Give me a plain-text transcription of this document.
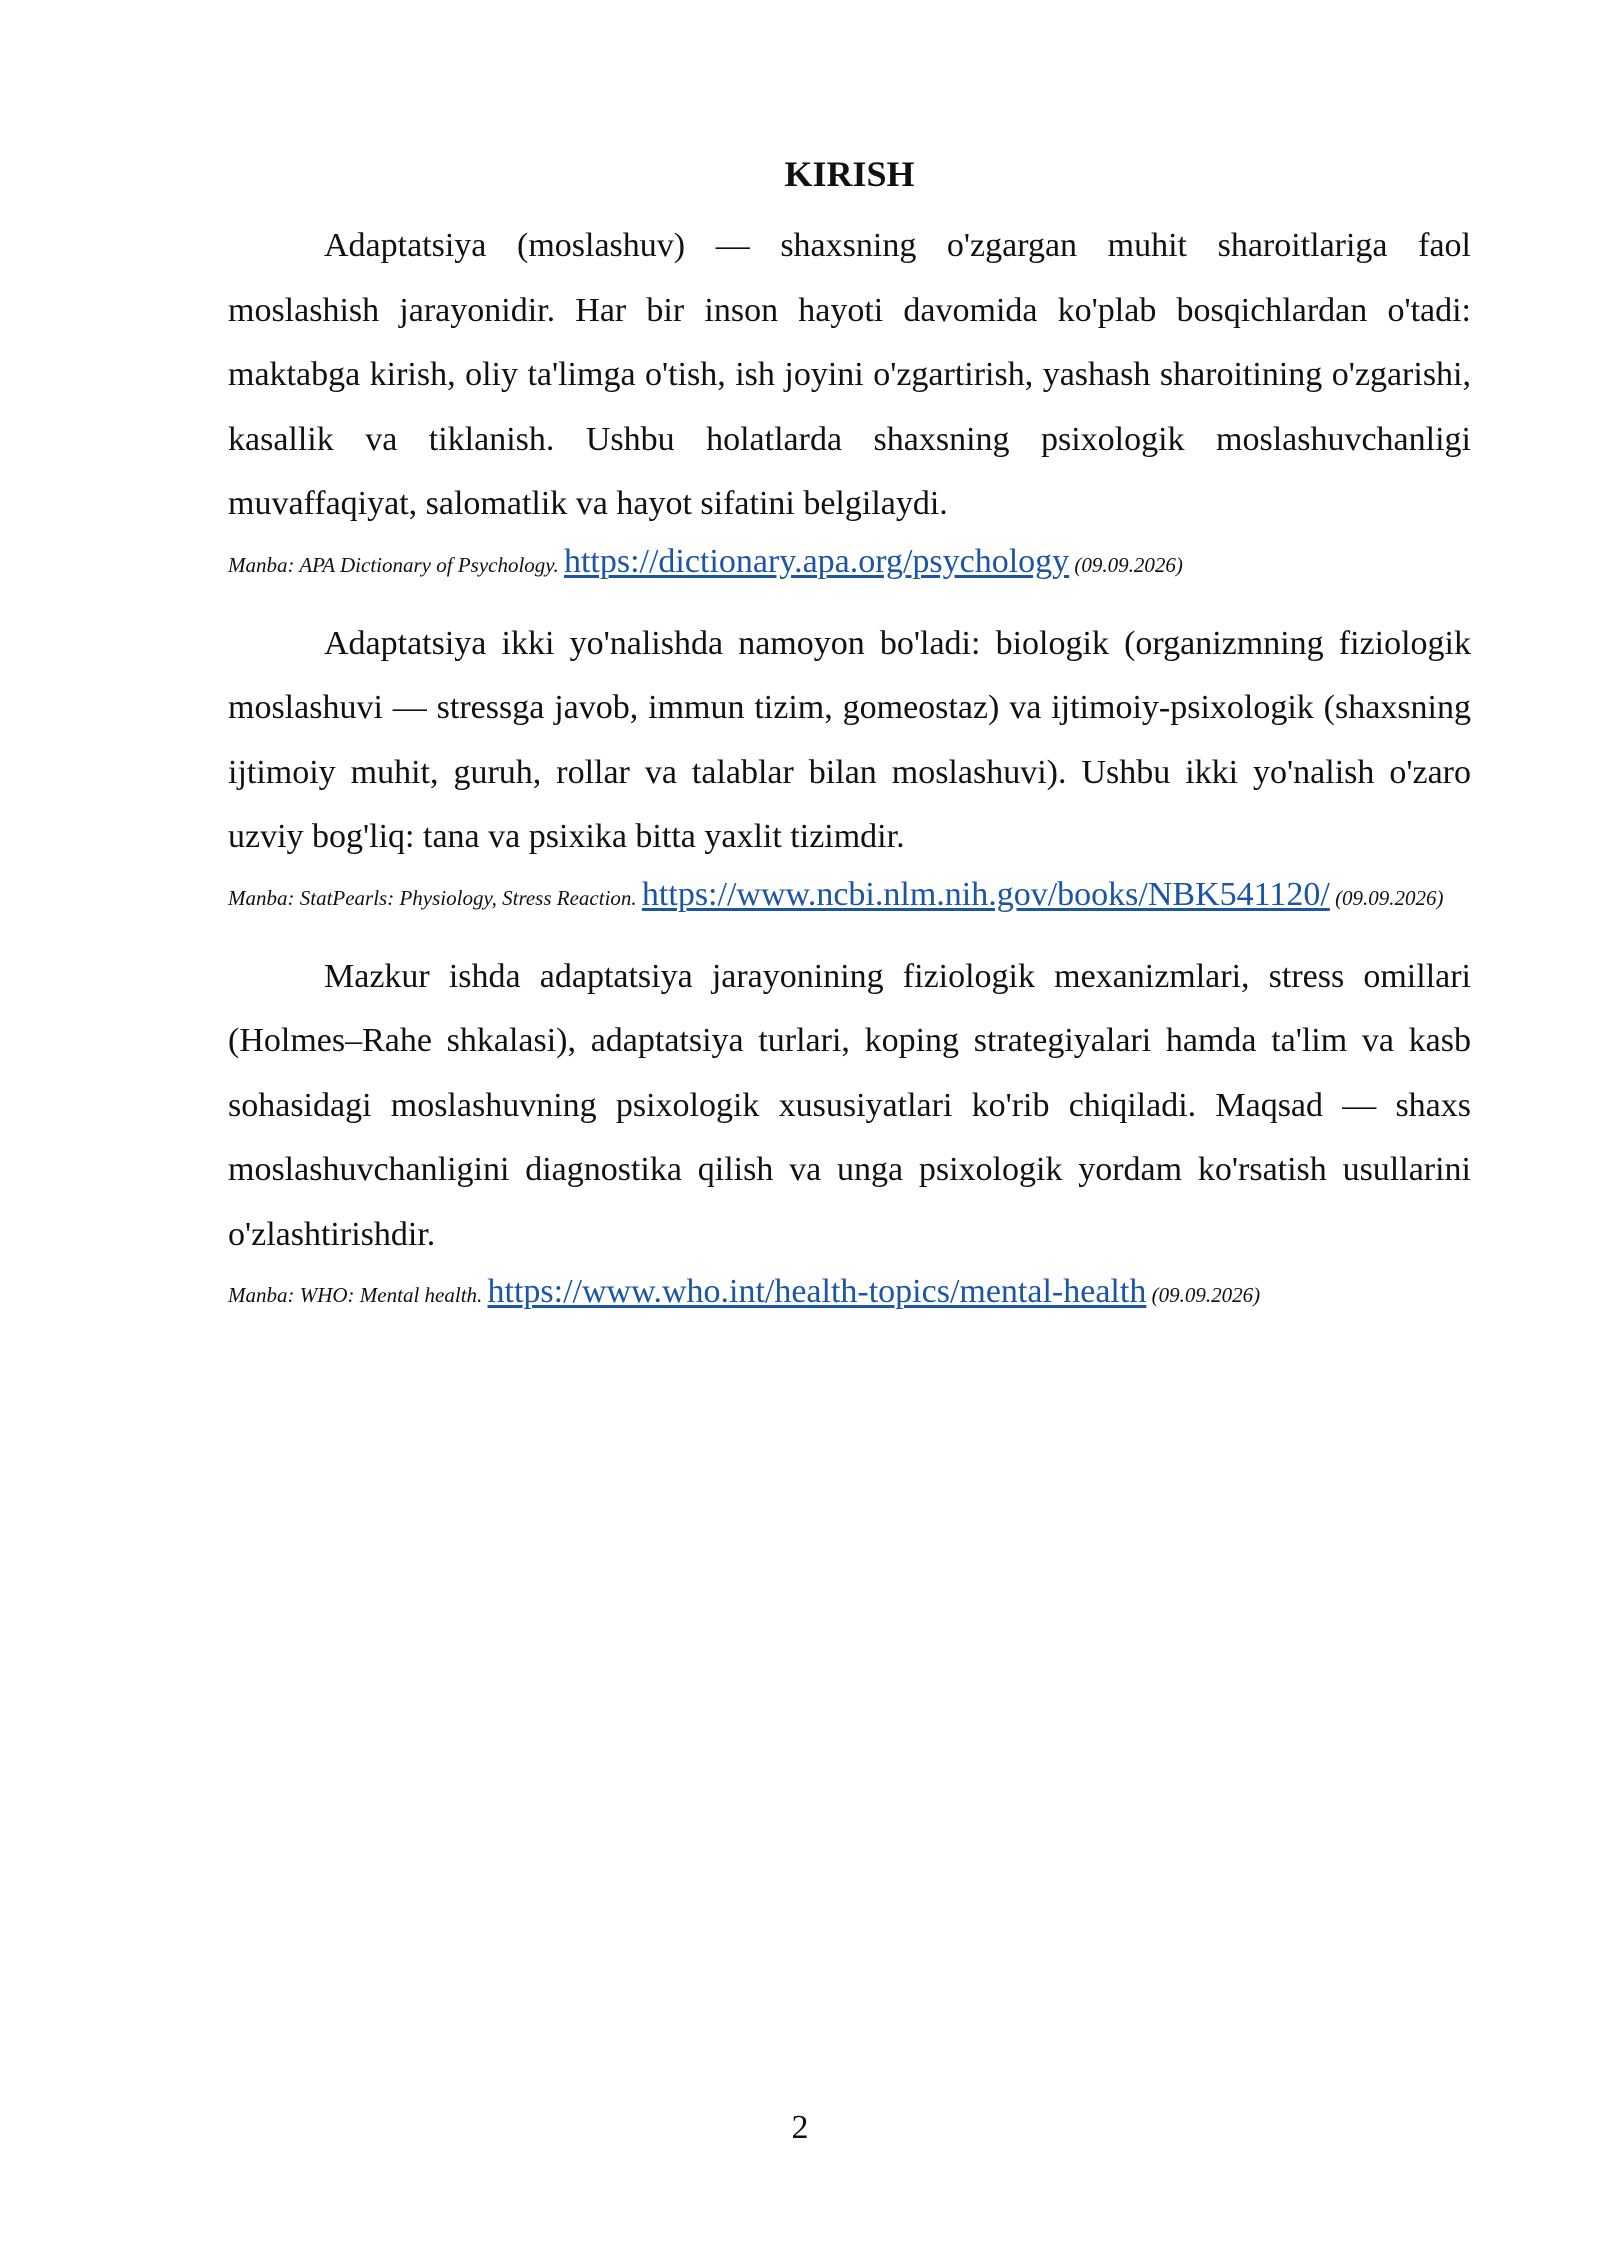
KIRISH

Adaptatsiya (moslashuv) — shaxsning o'zgargan muhit sharoitlariga faol moslashish jarayonidir. Har bir inson hayoti davomida ko'plab bosqichlardan o'tadi: maktabga kirish, oliy ta'limga o'tish, ish joyini o'zgartirish, yashash sharoitining o'zgarishi, kasallik va tiklanish. Ushbu holatlarda shaxsning psixologik moslashuvchanligi muvaffaqiyat, salomatlik va hayot sifatini belgilaydi.

Manba: APA Dictionary of Psychology. https://dictionary.apa.org/psychology (09.09.2026)

Adaptatsiya ikki yo'nalishda namoyon bo'ladi: biologik (organizmning fiziologik moslashuvi — stressga javob, immun tizim, gomeostaz) va ijtimoiy-psixologik (shaxsning ijtimoiy muhit, guruh, rollar va talablar bilan moslashuvi). Ushbu ikki yo'nalish o'zaro uzviy bog'liq: tana va psixika bitta yaxlit tizimdir.

Manba: StatPearls: Physiology, Stress Reaction. https://www.ncbi.nlm.nih.gov/books/NBK541120/ (09.09.2026)

Mazkur ishda adaptatsiya jarayonining fiziologik mexanizmlari, stress omillari (Holmes–Rahe shkalasi), adaptatsiya turlari, koping strategiyalari hamda ta'lim va kasb sohasidagi moslashuvning psixologik xususiyatlari ko'rib chiqiladi. Maqsad — shaxs moslashuvchanligini diagnostika qilish va unga psixologik yordam ko'rsatish usullarini o'zlashtirishdir.

Manba: WHO: Mental health. https://www.who.int/health-topics/mental-health (09.09.2026)
2
